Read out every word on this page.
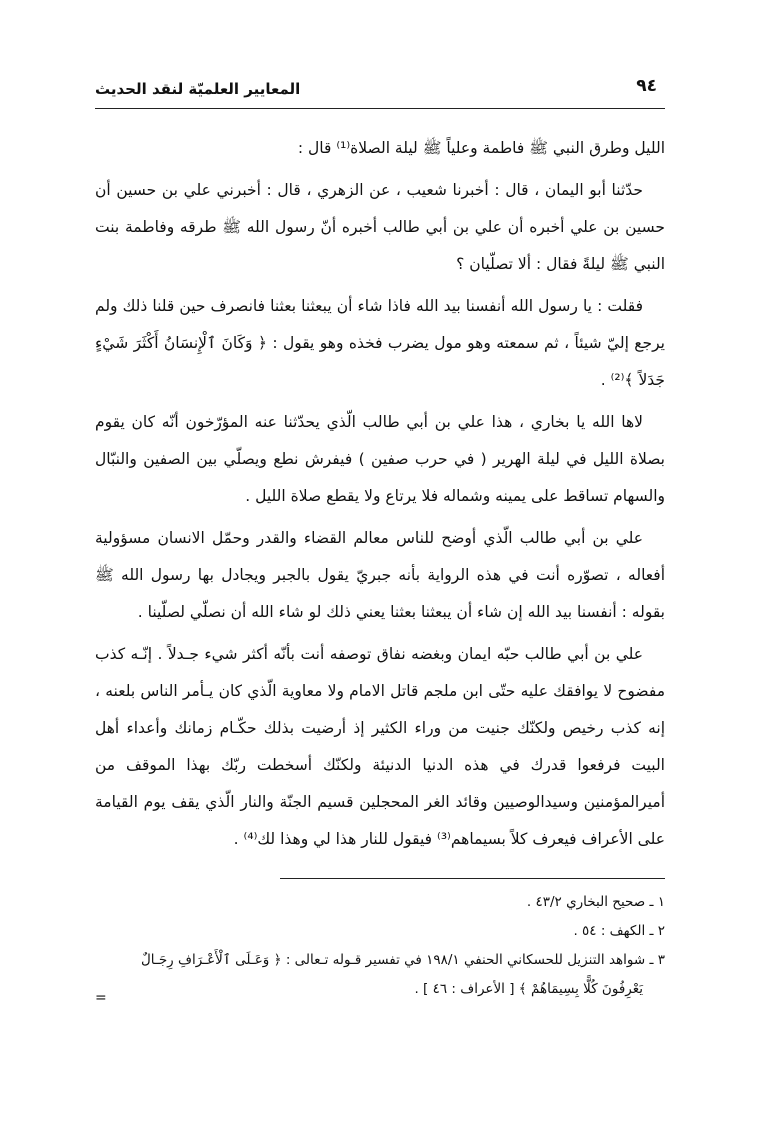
٩٤
المعايير العلميّة لنقد الحديث

الليل وطرق النبي ﷺ فاطمة وعلياً ﷺ ليلة الصلاة⁽¹⁾ قال :

حدّثنا أبو اليمان ، قال : أخبرنا شعيب ، عن الزهري ، قال : أخبرني علي بن حسين أن حسين بن علي أخبره أن علي بن أبي طالب أخبره أنّ رسول الله ﷺ طرقه وفاطمة بنت النبي ﷺ ليلةً فقال : ألا تصلّيان ؟

فقلت : يا رسول الله أنفسنا بيد الله فاذا شاء أن يبعثنا بعثنا فانصرف حين قلنا ذلك ولم يرجع إليّ شيئاً ، ثم سمعته وهو مول يضرب فخذه وهو يقول : ﴿ وَكَانَ ٱلْإِنسَانُ أَكْثَرَ شَيْءٍ جَدَلاً ﴾⁽²⁾ .

لاها الله يا بخاري ، هذا علي بن أبي طالب الّذي يحدّثنا عنه المؤرّخون أنّه كان يقوم بصلاة الليل في ليلة الهرير ( في حرب صفين ) فيفرش نطع ويصلّي بين الصفين والنبّال والسهام تساقط على يمينه وشماله فلا يرتاع ولا يقطع صلاة الليل .

علي بن أبي طالب الّذي أوضح للناس معالم القضاء والقدر وحمّل الانسان مسؤولية أفعاله ، تصوّره أنت في هذه الرواية بأنه جبريّ يقول بالجبر ويجادل بها رسول الله ﷺ بقوله : أنفسنا بيد الله إن شاء أن يبعثنا بعثنا يعني ذلك لو شاء الله أن نصلّي لصلّينا .

علي بن أبي طالب حبّه ايمان وبغضه نفاق توصفه أنت بأنّه أكثر شيء جـدلاً . إنّـه كذب مفضوح لا يوافقك عليه حتّى ابن ملجم قاتل الامام ولا معاوية الّذي كان يـأمر الناس بلعنه ، إنه كذب رخيص ولكنّك جنيت من وراء الكثير إذ أرضيت بذلك حكّـام زمانك وأعداء أهل البيت فرفعوا قدرك في هذه الدنيا الدنيئة ولكنّك أسخطت ربّك بهذا الموقف من أميرالمؤمنين وسيدالوصيين وقائد الغر المحجلين قسيم الجنّة والنار الّذي يقف يوم القيامة على الأعراف فيعرف كلاً بسيماهم⁽³⁾ فيقول للنار هذا لي وهذا لك⁽⁴⁾ .

١ ـ صحيح البخاري ٤٣/٢ .
٢ ـ الكهف : ٥٤ .
٣ ـ شواهد التنزيل للحسكاني الحنفي ١٩٨/١ في تفسير قـوله تـعالى : ﴿ وَعَـلَى ٱلْأَعْـرَافِ رِجَـالٌ
يَعْرِفُونَ كُلًّا بِسِيمَاهُمْ ﴾ [ الأعراف : ٤٦ ] .
=
